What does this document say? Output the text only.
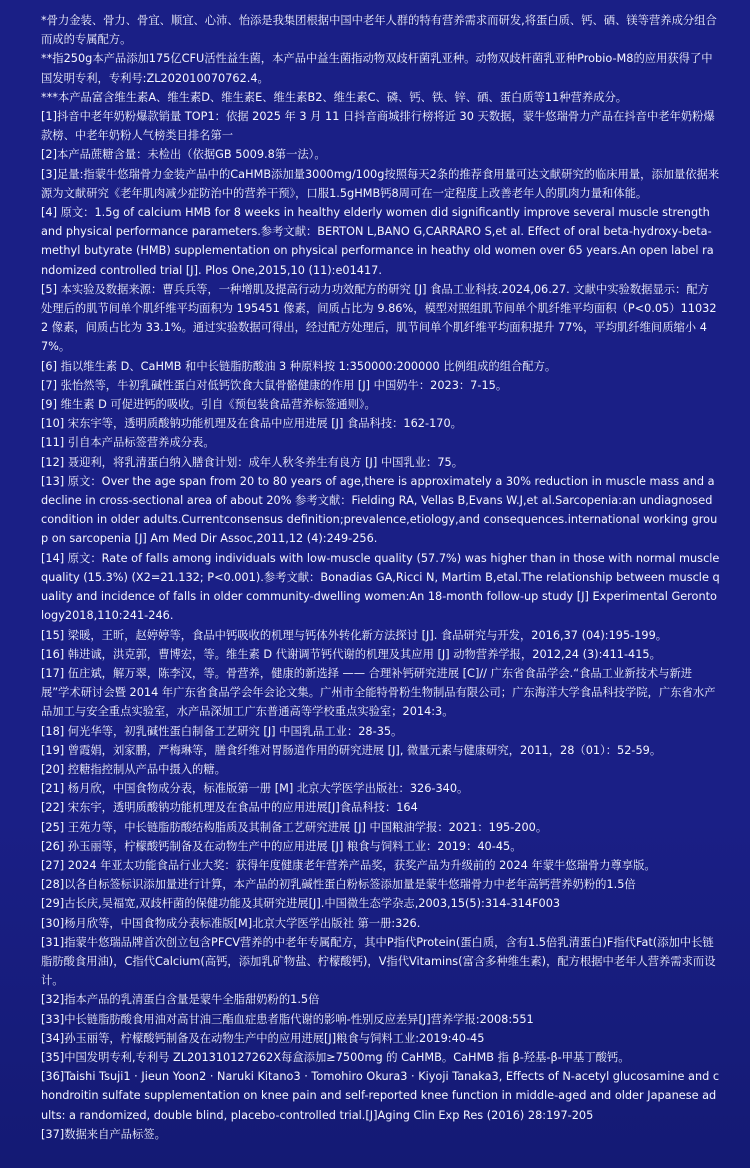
*骨力金装、骨力、骨宜、顺宜、心沛、怡添是我集团根据中国中老年人群的特有营养需求而研发,将蛋白质、钙、硒、镁等营养成分组合而成的专属配方。

**指250g本产品添加175亿CFU活性益生菌，本产品中益生菌指动物双歧杆菌乳亚种。动物双歧杆菌乳亚种Probio-M8的应用获得了中国发明专利，专利号:ZL202010070762.4。

***本产品富含维生素A、维生素D、维生素E、维生素B2、维生素C、磷、钙、铁、锌、硒、蛋白质等11种营养成分。

[1]抖音中老年奶粉爆款销量 TOP1：依据 2025 年 3 月 11 日抖音商城排行榜将近 30 天数据，蒙牛悠瑞骨力产品在抖音中老年奶粉爆款榜、中老年奶粉人气榜类目排名第一

[2]本产品蔗糖含量：未检出（依据GB 5009.8第一法）。

[3]足量:指蒙牛悠瑞骨力金装产品中的CaHMB添加量3000mg/100g按照每天2条的推荐食用量可达文献研究的临床用量，添加量依据来源为文献研究《老年肌肉减少症防治中的营养干预》，口服1.5gHMB钙8周可在一定程度上改善老年人的肌肉力量和体能。

[4] 原文：1.5g of calcium HMB for 8 weeks in healthy elderly women did significantly improve several muscle strength and physical performance parameters.参考文献：BERTON L,BANO G,CARRARO S,et al. Effect of oral beta-hydroxy-beta-methyl butyrate (HMB) supplementation on physical performance in heathy old women over 65 years.An open label randomized controlled trial [J]. Plos One,2015,10 (11):e01417.

[5] 本实验及数据来源：曹兵兵等，一种增肌及提高行动力功效配方的研究 [J] 食品工业科技.2024,06.27. 文献中实验数据显示：配方处理后的肌节间单个肌纤维平均面积为 195451 像素，间质占比为 9.86%，模型对照组肌节间单个肌纤维平均面积（P<0.05）110322 像素，间质占比为 33.1%。通过实验数据可得出，经过配方处理后，肌节间单个肌纤维平均面积提升 77%，平均肌纤维间质缩小 47%。

[6] 指以维生素 D、CaHMB 和中长链脂肪酸油 3 种原料按 1:350000:200000 比例组成的组合配方。

[7] 张怡然等，牛初乳碱性蛋白对低钙饮食大鼠骨骼健康的作用 [J] 中国奶牛：2023：7-15。

[9] 维生素 D 可促进钙的吸收。引自《预包装食品营养标签通则》。

[10] 宋东宇等，透明质酸钠功能机理及在食品中应用进展 [J] 食品科技：162-170。

[11] 引自本产品标签营养成分表。

[12] 聂迎利，将乳清蛋白纳入膳食计划：成年人秋冬养生有良方 [J] 中国乳业：75。

[13] 原文：Over the age span from 20 to 80 years of age,there is approximately a 30% reduction in muscle mass and a decline in cross-sectional area of about 20% 参考文献：Fielding RA, Vellas B,Evans W.J,et al.Sarcopenia:an undiagnosed condition in older adults.Currentconsensus definition;prevalence,etiology,and consequences.international working group on sarcopenia [J] Am Med Dir Assoc,2011,12 (4):249-256.

[14] 原文：Rate of falls among individuals with low-muscle quality (57.7%) was higher than in those with normal muscle quality (15.3%) (X2=21.132; P<0.001).参考文献：Bonadias GA,Ricci N, Martim B,etal.The relationship between muscle quality and incidence of falls in older community-dwelling women:An 18-month follow-up study [J] Experimental Gerontology2018,110:241-246.

[15] 梁暖，王昕，赵婷婷等，食品中钙吸收的机理与钙体外转化新方法探讨 [J]. 食品研究与开发，2016,37 (04):195-199。

[16] 韩进诚，洪克郭，曹博宏，等。维生素 D 代谢调节钙代谢的机理及其应用 [J] 动物营养学报，2012,24 (3):411-415。

[17] 伍庄斌，解万翠，陈李汉，等。骨营养，健康的新选择 —— 合理补钙研究进展 [C]// 广东省食品学会.“食品工业新技术与新进展”学术研讨会暨 2014 年广东省食品学会年会论文集。广州市全能特骨粉生物制品有限公司；广东海洋大学食品科技学院，广东省水产品加工与安全重点实验室，水产品深加工广东普通高等学校重点实验室；2014:3。

[18] 何光华等，初乳碱性蛋白制备工艺研究 [J] 中国乳品工业：28-35。

[19] 曾霞娟，刘家鹏，严梅琳等，膳食纤维对胃肠道作用的研究进展 [J], 微量元素与健康研究，2011，28（01）：52-59。

[20] 控糖指控制从产品中摄入的糖。

[21] 杨月欣，中国食物成分表，标准版第一册 [M] 北京大学医学出版社：326-340。

[22] 宋东宇，透明质酸钠功能机理及在食品中的应用进展[J]食品科技：164

[25] 王苑力等，中长链脂肪酸结构脂质及其制备工艺研究进展 [J] 中国粮油学报：2021：195-200。

[26] 孙玉丽等，柠檬酸钙制备及在动物生产中的应用进展 [J] 粮食与饲料工业：2019：40-45。

[27] 2024 年亚太功能食品行业大奖：获得年度健康老年营养产品奖，获奖产品为升级前的 2024 年蒙牛悠瑞骨力尊享版。

[28]以各自标签标识添加量进行计算，本产品的初乳碱性蛋白粉标签添加量是蒙牛悠瑞骨力中老年高钙营养奶粉的1.5倍

[29]古长庆,吴福宽,双歧杆菌的保健功能及其研究进展[J].中国微生态学杂志,2003,15(5):314-314F003

[30]杨月欣等，中国食物成分表标准版[M]北京大学医学出版社 第一册:326.

[31]指蒙牛悠瑞品牌首次创立包含PFCV营养的中老年专属配方，其中P指代Protein(蛋白质，含有1.5倍乳清蛋白)F指代Fat(添加中长链脂肪酸食用油)，C指代Calcium(高钙，添加乳矿物盐、柠檬酸钙)，V指代Vitamins(富含多种维生素)，配方根据中老年人营养需求而设计。

[32]指本产品的乳清蛋白含量是蒙牛全脂甜奶粉的1.5倍

[33]中长链脂肪酸食用油对高甘油三酯血症患者脂代谢的影响-性别反应差异[J]营养学报:2008:551

[34]孙玉丽等，柠檬酸钙制备及在动物生产中的应用进展[J]粮食与饲料工业:2019:40-45

[35]中国发明专利,专利号 ZL201310127262X每盒添加≥7500mg 的 CaHMB。CaHMB 指 β-羟基-β-甲基丁酸钙。

[36]Taishi Tsuji1 · Jieun Yoon2 · Naruki Kitano3 · Tomohiro Okura3 · Kiyoji Tanaka3, Effects of N-acetyl glucosamine and chondroitin sulfate supplementation on knee pain and self-reported knee function in middle-aged and older Japanese adults: a randomized, double blind, placebo-controlled trial.[J]Aging Clin Exp Res (2016) 28:197-205

[37]数据来自产品标签。
